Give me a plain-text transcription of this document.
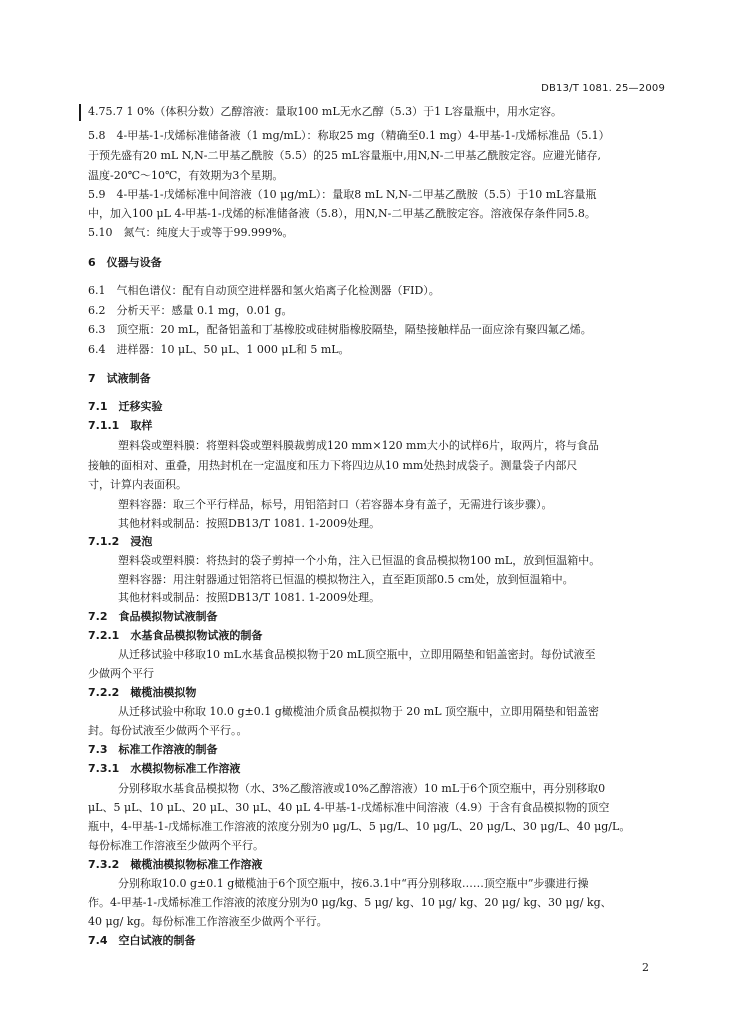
DB13/T 1081. 25—2009
4.75.7 1 0%（体积分数）乙醇溶液：量取100 mL无水乙醇（5.3）于1 L容量瓶中，用水定容。
5.8　4-甲基-1-戊烯标准储备液（1 mg/mL）：称取25 mg（精确至0.1 mg）4-甲基-1-戊烯标准品（5.1）
于预先盛有20 mL N,N-二甲基乙酰胺（5.5）的25 mL容量瓶中,用N,N-二甲基乙酰胺定容。应避光储存,
温度-20℃～10℃，有效期为3个星期。
5.9　4-甲基-1-戊烯标准中间溶液（10 μg/mL）：量取8 mL N,N-二甲基乙酰胺（5.5）于10 mL容量瓶
中，加入100 μL 4-甲基-1-戊烯的标准储备液（5.8），用N,N-二甲基乙酰胺定容。溶液保存条件同5.8。
5.10　氮气：纯度大于或等于99.999%。
6　仪器与设备
6.1　气相色谱仪：配有自动顶空进样器和氢火焰离子化检测器（FID）。
6.2　分析天平：感量 0.1 mg，0.01 g。
6.3　顶空瓶：20 mL，配备铝盖和丁基橡胶或硅树脂橡胶隔垫，隔垫接触样品一面应涂有聚四氟乙烯。
6.4　进样器：10 μL、50 μL、1 000 μL和 5 mL。
7　试液制备
7.1　迁移实验
7.1.1　取样
塑料袋或塑料膜：将塑料袋或塑料膜裁剪成120 mm×120 mm大小的试样6片，取两片，将与食品
接触的面相对、重叠，用热封机在一定温度和压力下将四边从10 mm处热封成袋子。测量袋子内部尺
寸，计算内表面积。
塑料容器：取三个平行样品，标号，用铝箔封口（若容器本身有盖子，无需进行该步骤）。
其他材料或制品：按照DB13/T 1081. 1-2009处理。
7.1.2　浸泡
塑料袋或塑料膜：将热封的袋子剪掉一个小角，注入已恒温的食品模拟物100 mL，放到恒温箱中。
塑料容器：用注射器通过铝箔将已恒温的模拟物注入，直至距顶部0.5 cm处，放到恒温箱中。
其他材料或制品：按照DB13/T 1081. 1-2009处理。
7.2　食品模拟物试液制备
7.2.1　水基食品模拟物试液的制备
从迁移试验中移取10 mL水基食品模拟物于20 mL顶空瓶中，立即用隔垫和铝盖密封。每份试液至
少做两个平行
7.2.2　橄榄油模拟物
从迁移试验中称取 10.0 g±0.1 g橄榄油介质食品模拟物于 20 mL 顶空瓶中，立即用隔垫和铝盖密
封。每份试液至少做两个平行。。
7.3　标准工作溶液的制备
7.3.1　水模拟物标准工作溶液
分别移取水基食品模拟物（水、3%乙酸溶液或10%乙醇溶液）10 mL于6个顶空瓶中，再分别移取0
μL、5 μL、10 μL、20 μL、30 μL、40 μL 4-甲基-1-戊烯标准中间溶液（4.9）于含有食品模拟物的顶空
瓶中，4-甲基-1-戊烯标准工作溶液的浓度分别为0 μg/L、5 μg/L、10 μg/L、20 μg/L、30 μg/L、40 μg/L。
每份标准工作溶液至少做两个平行。
7.3.2　橄榄油模拟物标准工作溶液
分别称取10.0 g±0.1 g橄榄油于6个顶空瓶中，按6.3.1中“再分别移取……顶空瓶中”步骤进行操
作。4-甲基-1-戊烯标准工作溶液的浓度分别为0 μg/kg、5 μg/ kg、10 μg/ kg、20 μg/ kg、30 μg/ kg、
40 μg/ kg。每份标准工作溶液至少做两个平行。
7.4　空白试液的制备
2
